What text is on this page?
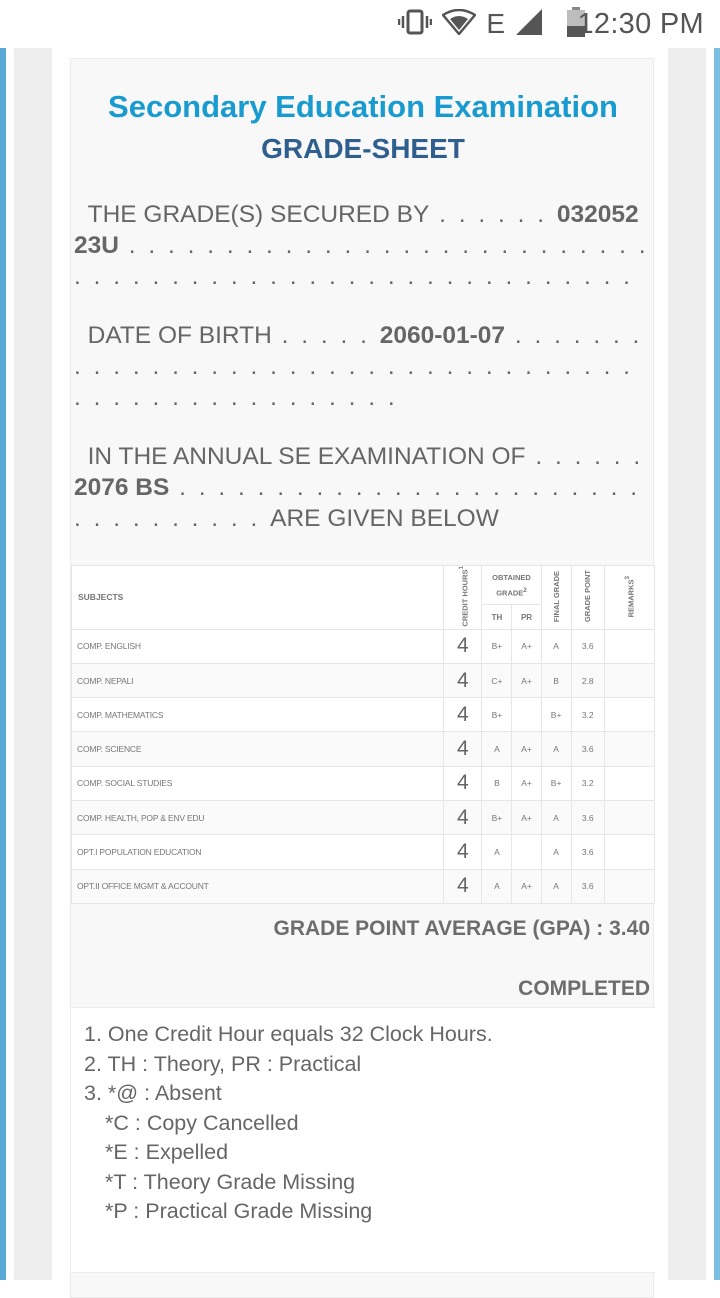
E 12:30 PM
Secondary Education Examination
GRADE-SHEET
THE GRADE(S) SECURED BY . . . . . . 03205223U . . . . . . . . . . . . . . . . . . . . . . . . . . . . . . . . . . . . . . . . . . . . . . . . . . . . . . . .
DATE OF BIRTH . . . . . 2060-01-07 . . . . . . . . . . . . . . . . . . . . . . . . . . . . . . . . . . . . . . . . . . . . . . . . . . . . .
IN THE ANNUAL SE EXAMINATION OF . . . . . . 2076 BS . . . . . . . . . . . . . . . . . . . . . . . . . . . . . . . . . . ARE GIVEN BELOW
SUBJECTS	CREDIT HOURS$^1$	OBTAINED GRADE$^2$		FINAL GRADE	GRADE POINT	REMARKS$^3$
		TH	PR			
COMP. ENGLISH	4	B+	A+	A	3.6	
COMP. NEPALI	4	C+	A+	B	2.8	
COMP. MATHEMATICS	4	B+		B+	3.2	
COMP. SCIENCE	4	A	A+	A	3.6	
COMP. SOCIAL STUDIES	4	B	A+	B+	3.2	
COMP. HEALTH, POP & ENV EDU	4	B+	A+	A	3.6	
OPT.I POPULATION EDUCATION	4	A		A	3.6	
OPT.II OFFICE MGMT & ACCOUNT	4	A	A+	A	3.6	
GRADE POINT AVERAGE (GPA) : 3.40
COMPLETED
1. One Credit Hour equals 32 Clock Hours.
2. TH : Theory, PR : Practical
3. *@ : Absent
*C : Copy Cancelled
*E : Expelled
*T : Theory Grade Missing
*P : Practical Grade Missing
